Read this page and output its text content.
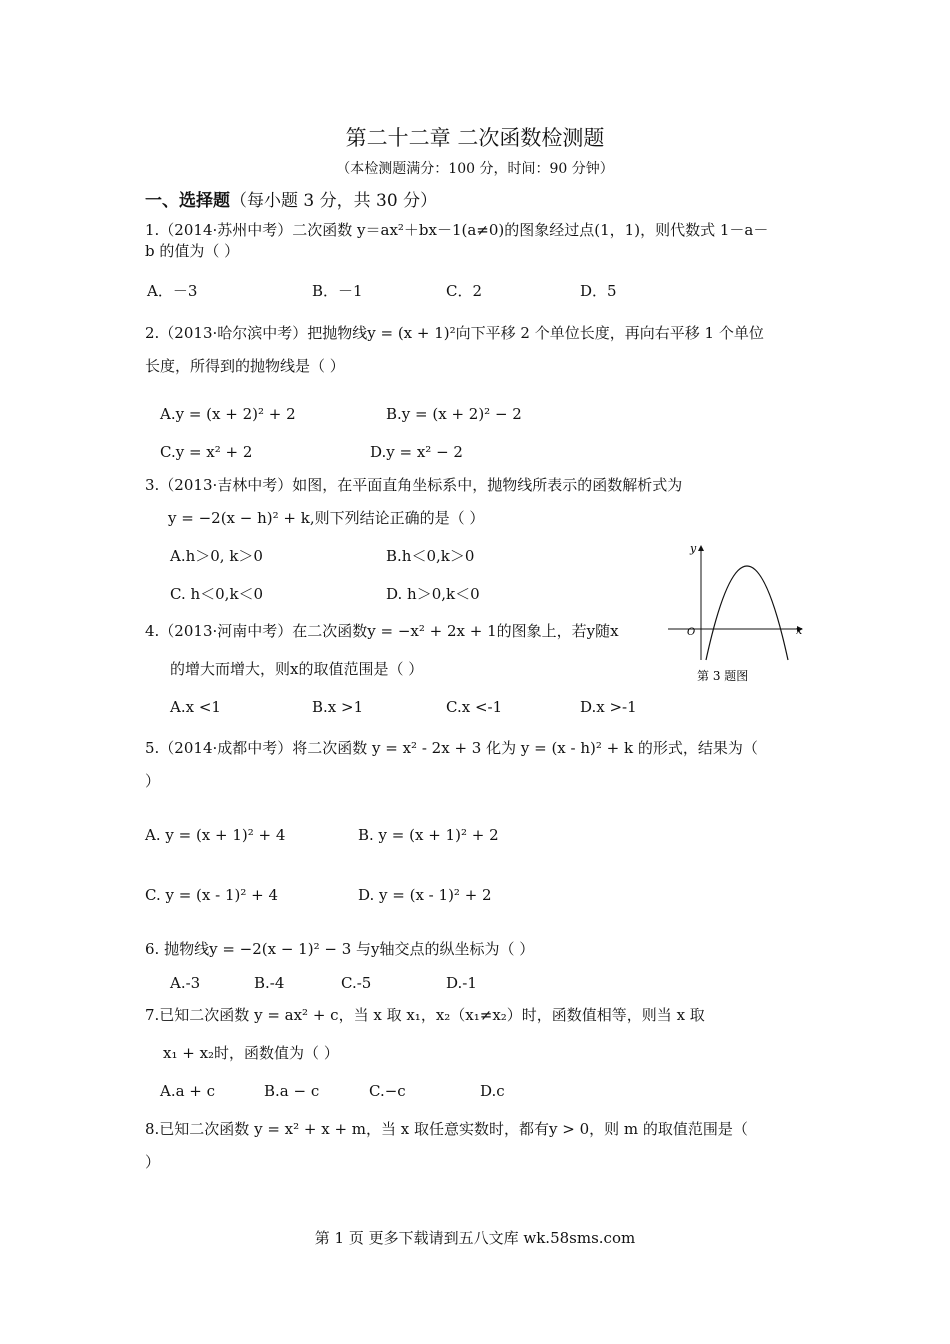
第二十二章 二次函数检测题
（本检测题满分：100 分，时间：90 分钟）
一、选择题（每小题 3 分，共 30 分）
1.（2014·苏州中考）二次函数 y＝ax²＋bx－1(a≠0)的图象经过点(1，1)，则代数式 1－a－
b 的值为（ ）
A．－3	B．－1	C．2	D．5
2.（2013·哈尔滨中考）把抛物线y = (x + 1)²向下平移 2 个单位长度，再向右平移 1 个单位
长度，所得到的抛物线是（ ）
A.y = (x + 2)² + 2	B.y = (x + 2)² − 2
C.y = x² + 2	D.y = x² − 2
3.（2013·吉林中考）如图，在平面直角坐标系中，抛物线所表示的函数解析式为
y = −2(x − h)² + k,则下列结论正确的是（ ）
A.h＞0, k＞0	B.h＜0,k＞0
C. h＜0,k＜0	D. h＞0,k＜0
y
x
O
第 3 题图
4.（2013·河南中考）在二次函数y = −x² + 2x + 1的图象上，若y随x
的增大而增大，则x的取值范围是（ ）
A.x <1	B.x >1	C.x <-1	D.x >-1
5.（2014·成都中考）将二次函数 y = x² - 2x + 3 化为 y = (x - h)² + k 的形式，结果为（
）
A. y = (x + 1)² + 4	B. y = (x + 1)² + 2
C. y = (x - 1)² + 4	D. y = (x - 1)² + 2
6. 抛物线y = −2(x − 1)² − 3 与y轴交点的纵坐标为（ ）
A.-3	B.-4	C.-5	D.-1
7.已知二次函数 y = ax² + c，当 x 取 x₁，x₂（x₁≠x₂）时，函数值相等，则当 x 取
x₁ + x₂时，函数值为（ ）
A.a + c	B.a − c	C.−c	D.c
8.已知二次函数 y = x² + x + m，当 x 取任意实数时，都有y > 0，则 m 的取值范围是（
）
第 1 页 更多下载请到五八文库 wk.58sms.com
